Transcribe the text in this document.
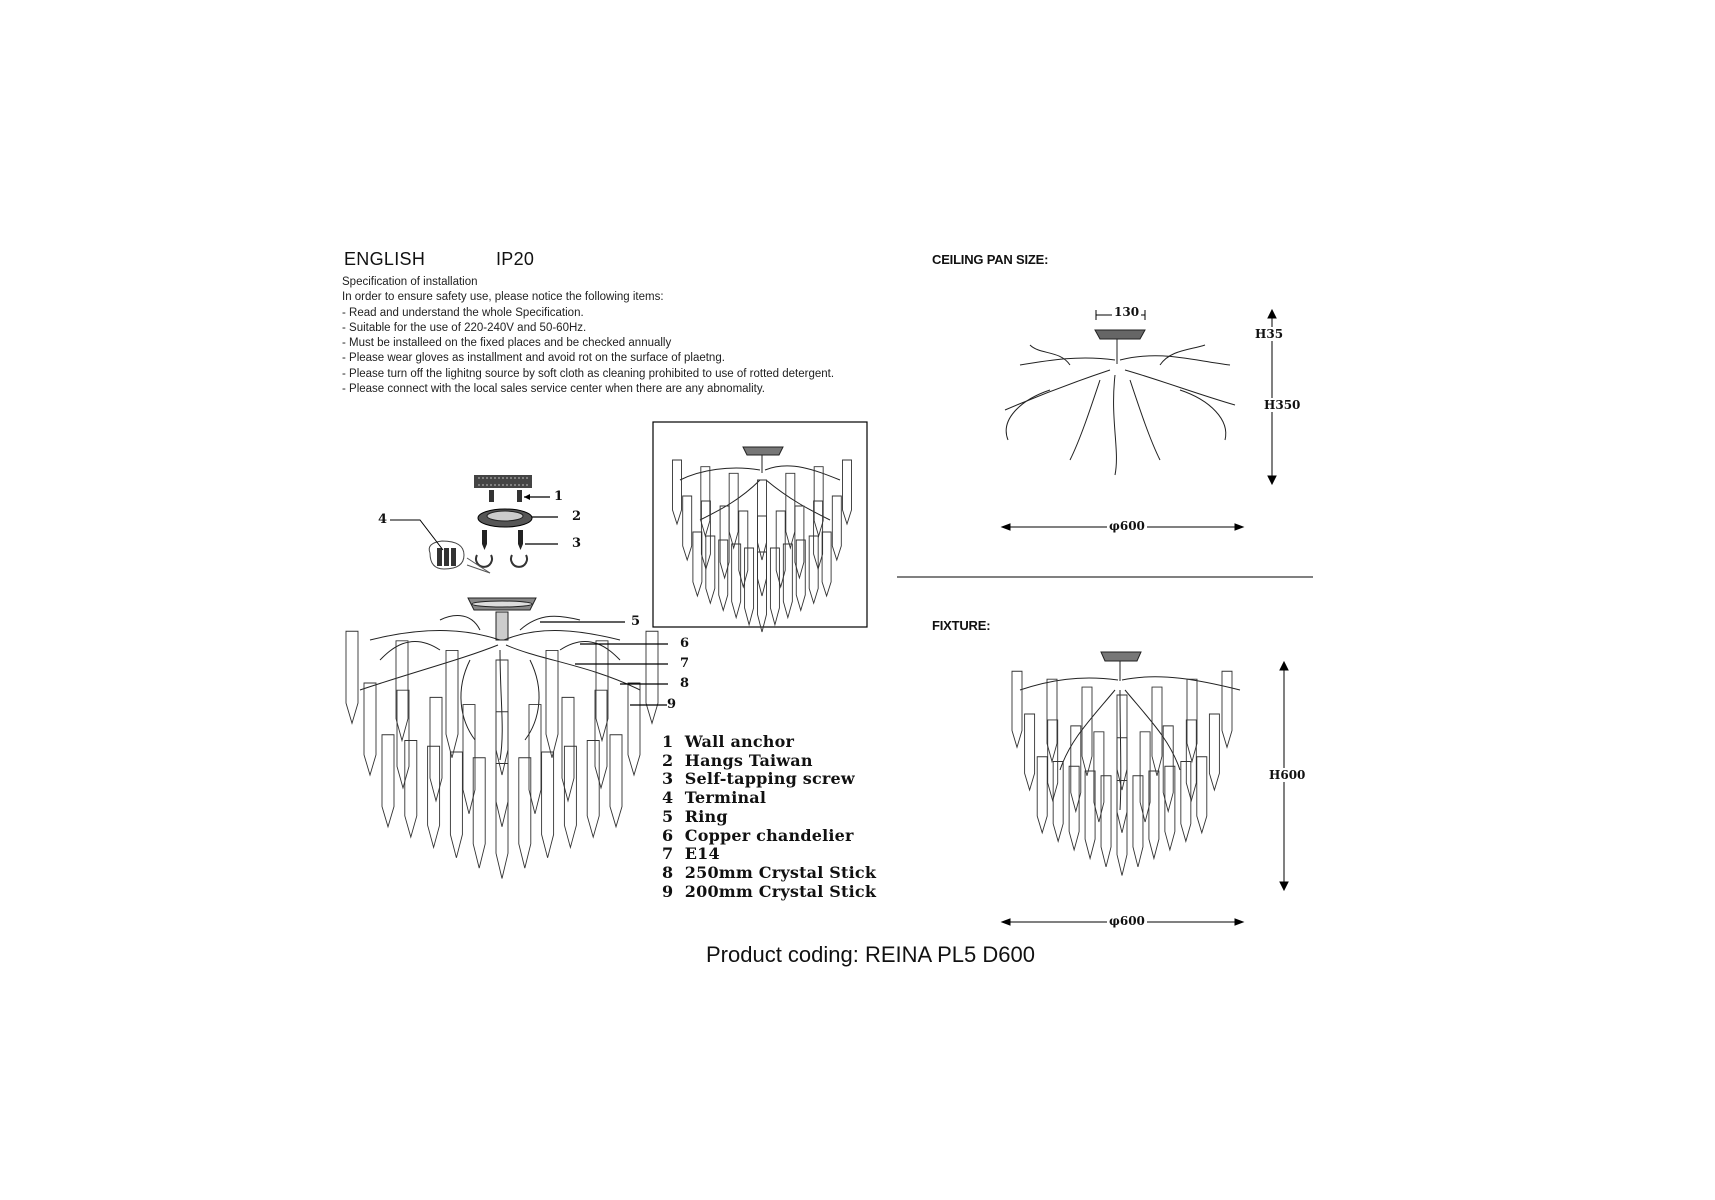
ENGLISH	IP20
Specification of installation
In order to ensure safety use, please notice the following items:
- Read and understand the whole Specification.
- Suitable for the use of 220-240V and 50-60Hz.
- Must be installeed on the fixed places and be checked annually
- Please wear gloves as installment and avoid rot on the surface of plaetng.
- Please turn off the lighitng source by soft cloth as cleaning prohibited to use of rotted detergent.
- Please connect with the local sales service center when there are any abnomality.
1
2
3
4
5
6
7
8
9
1 Wall anchor
2 Hangs Taiwan
3 Self-tapping screw
4 Terminal
5 Ring
6 Copper chandelier
7 E14
8 250mm Crystal Stick
9 200mm Crystal Stick
CEILING PAN SIZE:
130
H35
H350
φ600
FIXTURE:
H600
φ600
Product coding: REINA PL5 D600
